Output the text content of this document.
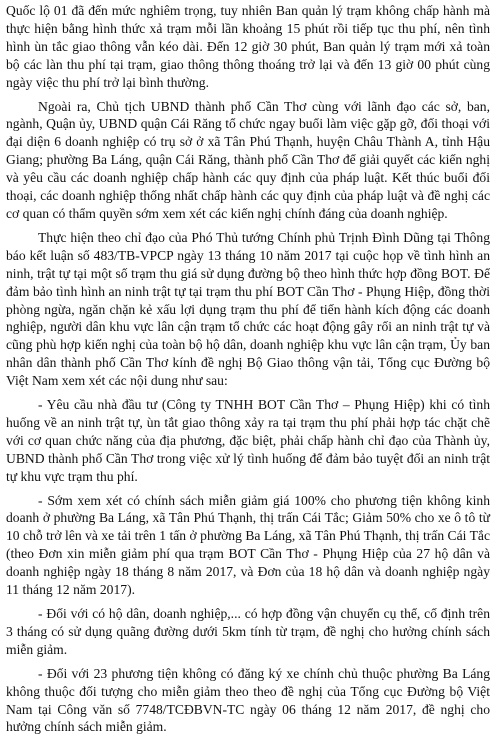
Quốc lộ 01 đã đến mức nghiêm trọng, tuy nhiên Ban quản lý trạm không chấp hành mà thực hiện bằng hình thức xả trạm mỗi lần khoảng 15 phút rồi tiếp tục thu phí, nên tình hình ùn tắc giao thông vẫn kéo dài. Đến 12 giờ 30 phút, Ban quản lý trạm mới xả toàn bộ các làn thu phí tại trạm, giao thông thông thoáng trở lại và đến 13 giờ 00 phút cùng ngày việc thu phí trở lại bình thường.

Ngoài ra, Chủ tịch UBND thành phố Cần Thơ cùng với lãnh đạo các sở, ban, ngành, Quận ủy, UBND quận Cái Răng tổ chức ngay buổi làm việc gặp gỡ, đối thoại với đại diện 6 doanh nghiệp có trụ sở ở xã Tân Phú Thạnh, huyện Châu Thành A, tỉnh Hậu Giang; phường Ba Láng, quận Cái Răng, thành phố Cần Thơ để giải quyết các kiến nghị và yêu cầu các doanh nghiệp chấp hành các quy định của pháp luật. Kết thúc buổi đối thoại, các doanh nghiệp thống nhất chấp hành các quy định của pháp luật và đề nghị các cơ quan có thẩm quyền sớm xem xét các kiến nghị chính đáng của doanh nghiệp.

Thực hiện theo chỉ đạo của Phó Thủ tướng Chính phủ Trịnh Đình Dũng tại Thông báo kết luận số 483/TB-VPCP ngày 13 tháng 10 năm 2017 tại cuộc họp về tình hình an ninh, trật tự tại một số trạm thu giá sử dụng đường bộ theo hình thức hợp đồng BOT. Để đảm bảo tình hình an ninh trật tự tại trạm thu phí BOT Cần Thơ - Phụng Hiệp, đồng thời phòng ngừa, ngăn chặn kẻ xấu lợi dụng trạm thu phí để tiến hành kích động các doanh nghiệp, người dân khu vực lân cận trạm tổ chức các hoạt động gây rối an ninh trật tự và cũng phù hợp kiến nghị của toàn bộ hộ dân, doanh nghiệp khu vực lân cận trạm, Ủy ban nhân dân thành phố Cần Thơ kính đề nghị Bộ Giao thông vận tải, Tổng cục Đường bộ Việt Nam xem xét các nội dung như sau:

- Yêu cầu nhà đầu tư (Công ty TNHH BOT Cần Thơ – Phụng Hiệp) khi có tình huống về an ninh trật tự, ùn tắt giao thông xảy ra tại trạm thu phí phải hợp tác chặt chẽ với cơ quan chức năng của địa phương, đặc biệt, phải chấp hành chỉ đạo của Thành ủy, UBND thành phố Cần Thơ trong việc xử lý tình huống để đảm bảo tuyệt đối an ninh trật tự khu vực trạm thu phí.

- Sớm xem xét có chính sách miễn giảm giá 100% cho phương tiện không kinh doanh ở phường Ba Láng, xã Tân Phú Thạnh, thị trấn Cái Tắc; Giảm 50% cho xe ô tô từ 10 chỗ trở lên và xe tải trên 1 tấn ở phường Ba Láng, xã Tân Phú Thạnh, thị trấn Cái Tắc (theo Đơn xin miễn giảm phí qua trạm BOT Cần Thơ - Phụng Hiệp của 27 hộ dân và doanh nghiệp ngày 18 tháng 8 năm 2017, và Đơn của 18 hộ dân và doanh nghiệp ngày 11 tháng 12 năm 2017).

- Đối với có hộ dân, doanh nghiệp,... có hợp đồng vận chuyển cụ thể, cố định trên 3 tháng có sử dụng quãng đường dưới 5km tính từ trạm, đề nghị cho hưởng chính sách miễn giảm.

- Đối với 23 phương tiện không có đăng ký xe chính chủ thuộc phường Ba Láng không thuộc đối tượng cho miễn giảm theo theo đề nghị của Tổng cục Đường bộ Việt Nam tại Công văn số 7748/TCĐBVN-TC ngày 06 tháng 12 năm 2017, đề nghị cho hưởng chính sách miễn giảm.
